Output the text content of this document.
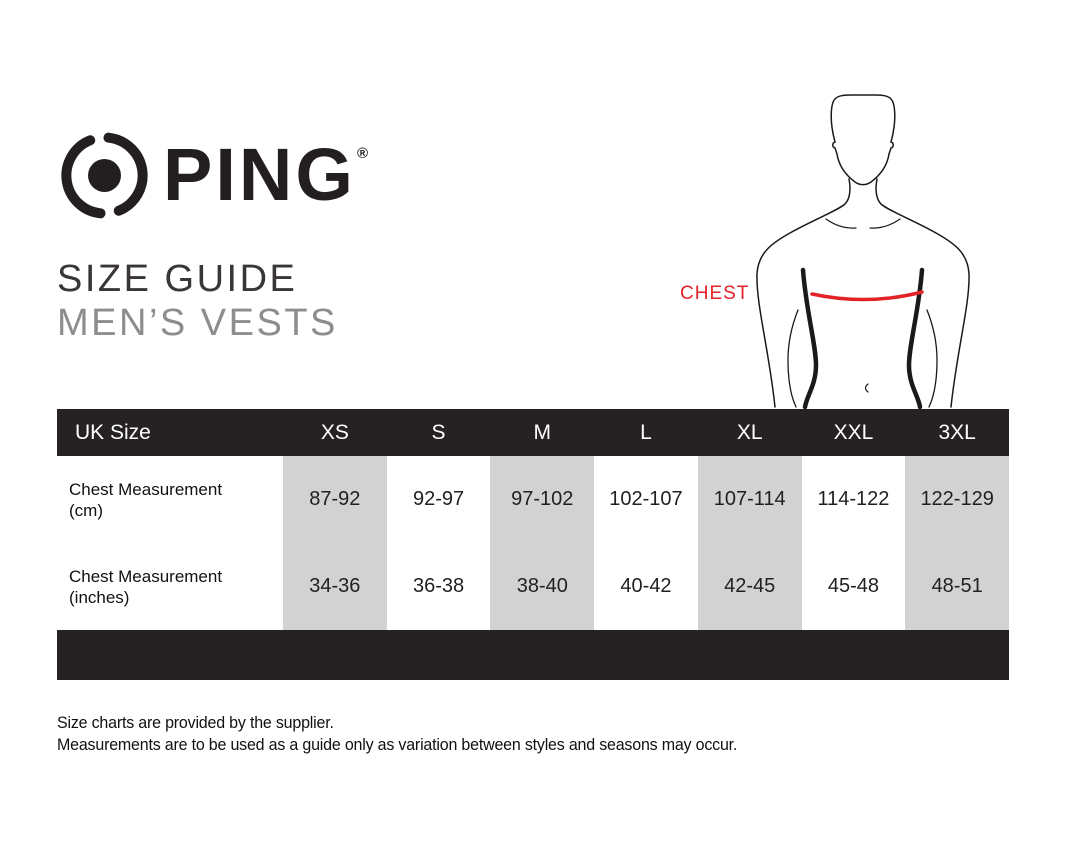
PING ®
SIZE GUIDE
MEN’S VESTS
CHEST
UK Size	XS	S	M	L	XL	XXL	3XL
Chest Measurement
(cm)	87-92	92-97	97-102	102-107	107-114	114-122	122-129
Chest Measurement
(inches)	34-36	36-38	38-40	40-42	42-45	45-48	48-51
Size charts are provided by the supplier.
Measurements are to be used as a guide only as variation between styles and seasons may occur.
